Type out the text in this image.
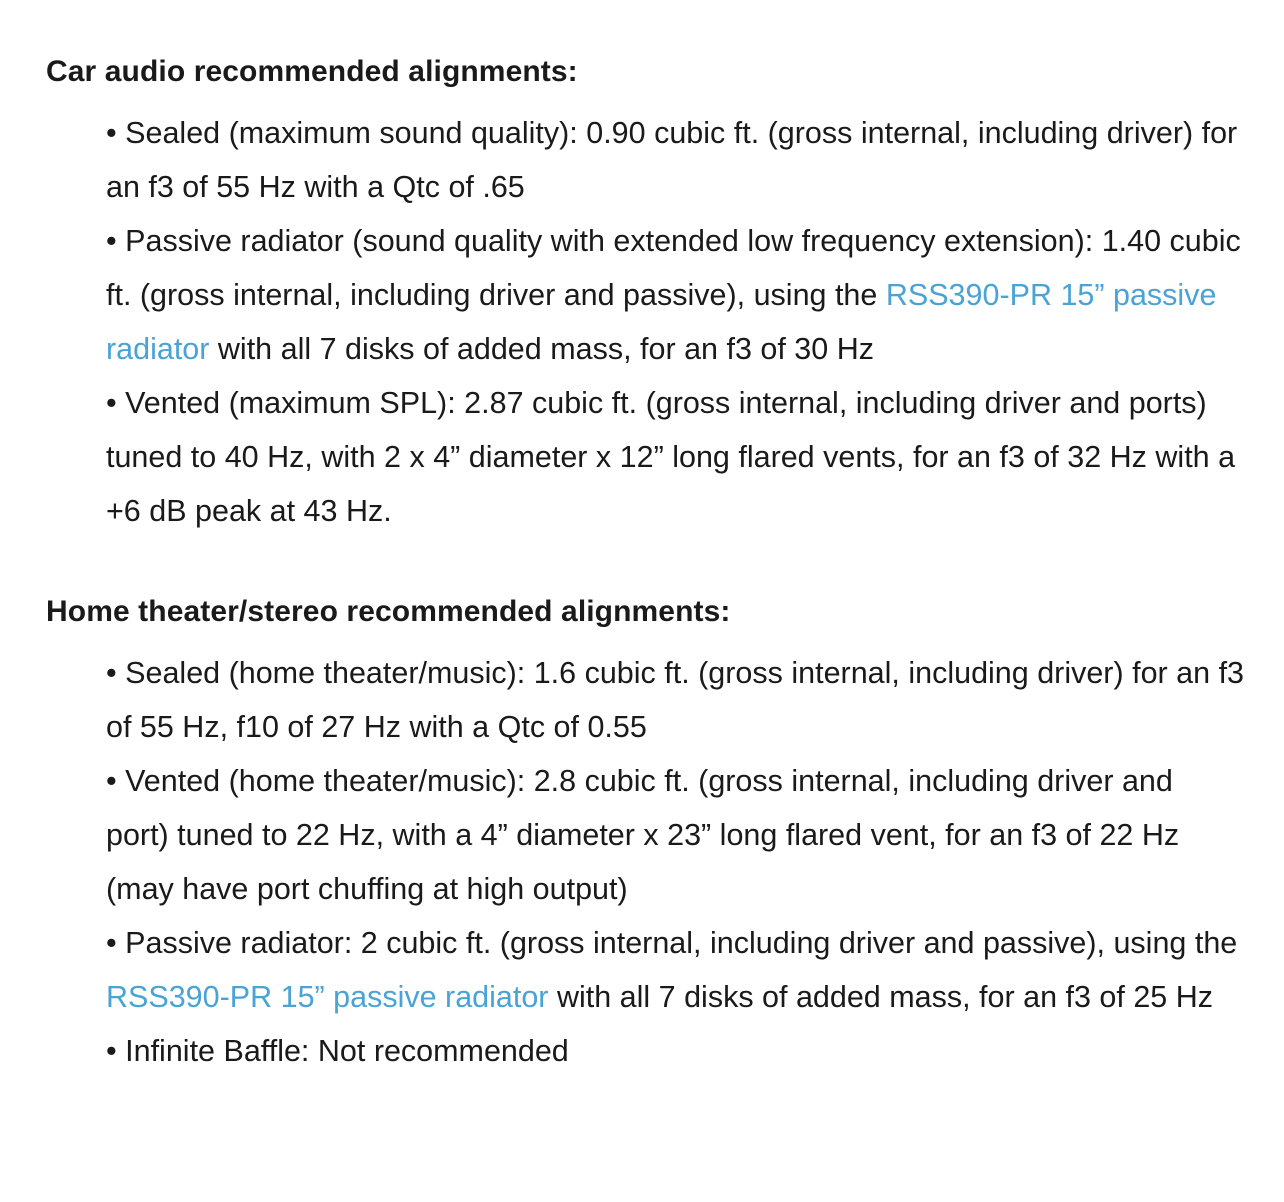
Car audio recommended alignments:
• Sealed (maximum sound quality): 0.90 cubic ft. (gross internal, including driver) for an f3 of 55 Hz with a Qtc of .65
• Passive radiator (sound quality with extended low frequency extension): 1.40 cubic ft. (gross internal, including driver and passive), using the RSS390-PR 15” passive radiator with all 7 disks of added mass, for an f3 of 30 Hz
• Vented (maximum SPL): 2.87 cubic ft. (gross internal, including driver and ports) tuned to 40 Hz, with 2 x 4” diameter x 12” long flared vents, for an f3 of 32 Hz with a +6 dB peak at 43 Hz.
Home theater/stereo recommended alignments:
• Sealed (home theater/music): 1.6 cubic ft. (gross internal, including driver) for an f3 of 55 Hz, f10 of 27 Hz with a Qtc of 0.55
• Vented (home theater/music): 2.8 cubic ft. (gross internal, including driver and port) tuned to 22 Hz, with a 4” diameter x 23” long flared vent, for an f3 of 22 Hz (may have port chuffing at high output)
• Passive radiator: 2 cubic ft. (gross internal, including driver and passive), using the RSS390-PR 15” passive radiator with all 7 disks of added mass, for an f3 of 25 Hz
• Infinite Baffle: Not recommended
